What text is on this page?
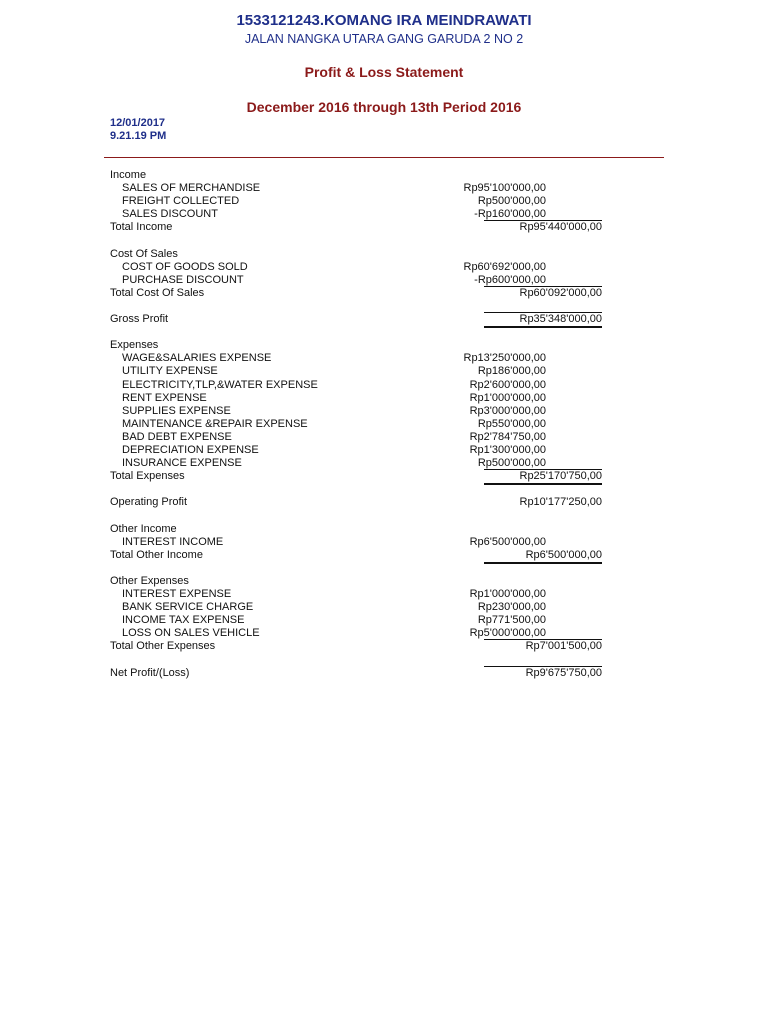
1533121243.KOMANG IRA MEINDRAWATI
JALAN NANGKA UTARA GANG GARUDA 2 NO 2
Profit & Loss Statement
December 2016 through 13th Period 2016
12/01/2017
9.21.19 PM
Income
SALES OF MERCHANDISE	Rp95'100'000,00
FREIGHT COLLECTED	Rp500'000,00
SALES DISCOUNT	-Rp160'000,00
Total Income	Rp95'440'000,00
Cost Of Sales
COST OF GOODS SOLD	Rp60'692'000,00
PURCHASE DISCOUNT	-Rp600'000,00
Total Cost Of Sales	Rp60'092'000,00
Gross Profit	Rp35'348'000,00
Expenses
WAGE&SALARIES EXPENSE	Rp13'250'000,00
UTILITY EXPENSE	Rp186'000,00
ELECTRICITY,TLP,&WATER EXPENSE	Rp2'600'000,00
RENT EXPENSE	Rp1'000'000,00
SUPPLIES EXPENSE	Rp3'000'000,00
MAINTENANCE &REPAIR EXPENSE	Rp550'000,00
BAD DEBT EXPENSE	Rp2'784'750,00
DEPRECIATION EXPENSE	Rp1'300'000,00
INSURANCE EXPENSE	Rp500'000,00
Total Expenses	Rp25'170'750,00
Operating Profit	Rp10'177'250,00
Other Income
INTEREST INCOME	Rp6'500'000,00
Total Other Income	Rp6'500'000,00
Other Expenses
INTEREST EXPENSE	Rp1'000'000,00
BANK SERVICE CHARGE	Rp230'000,00
INCOME TAX EXPENSE	Rp771'500,00
LOSS ON SALES VEHICLE	Rp5'000'000,00
Total Other Expenses	Rp7'001'500,00
Net Profit/(Loss)	Rp9'675'750,00
